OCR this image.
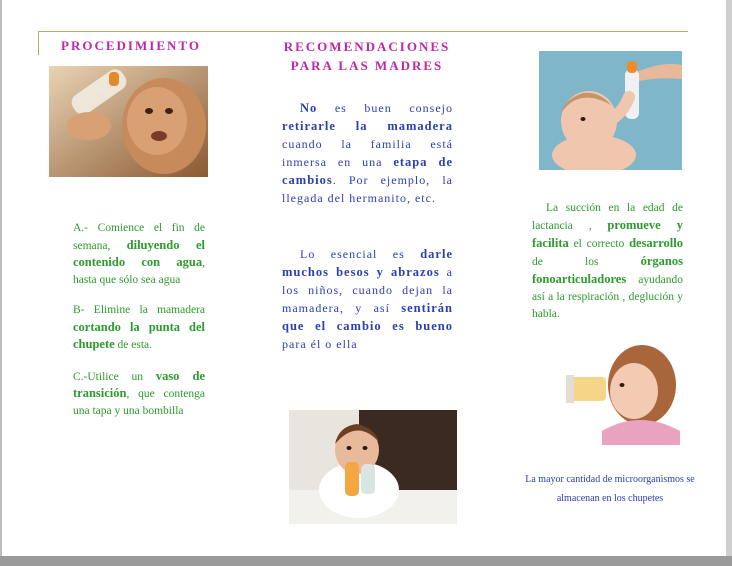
PROCEDIMIENTO
A.- Comience el fin de semana, diluyendo el contenido con agua, hasta que sólo sea agua
B- Elimine la mamadera cortando la punta del chupete de esta.
C.-Utilice un vaso de transición, que contenga una tapa y una bombilla
RECOMENDACIONES PARA LAS MADRES
No es buen consejo retirarle la mamadera cuando la familia está inmersa en una etapa de cambios. Por ejemplo, la llegada del hermanito, etc.
Lo esencial es darle muchos besos y abrazos a los niños, cuando dejan la mamadera, y así sentirán que el cambio es bueno para él o ella
La succión en la edad de lactancia , promueve y facilita el correcto desarrollo de los órganos fonoarticuladores ayudando así a la respiración , deglución y habla.
La mayor cantidad de microorganismos se almacenan en los chupetes
